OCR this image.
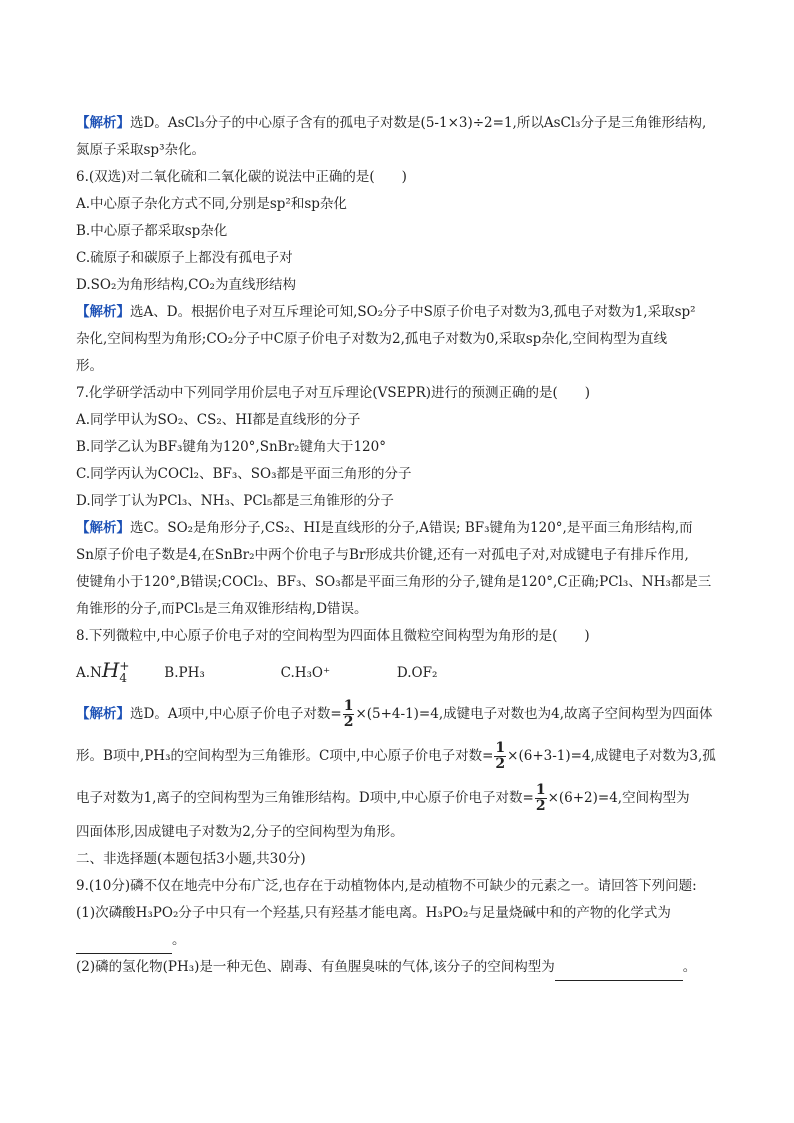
【解析】选D。AsCl₃分子的中心原子含有的孤电子对数是(5-1×3)÷2=1,所以AsCl₃分子是三角锥形结构,
氮原子采取sp³杂化。
6.(双选)对二氧化硫和二氧化碳的说法中正确的是(　　)
A.中心原子杂化方式不同,分别是sp²和sp杂化
B.中心原子都采取sp杂化
C.硫原子和碳原子上都没有孤电子对
D.SO₂为角形结构,CO₂为直线形结构
【解析】选A、D。根据价电子对互斥理论可知,SO₂分子中S原子价电子对数为3,孤电子对数为1,采取sp²
杂化,空间构型为角形;CO₂分子中C原子价电子对数为2,孤电子对数为0,采取sp杂化,空间构型为直线
形。
7.化学研学活动中下列同学用价层电子对互斥理论(VSEPR)进行的预测正确的是(　　)
A.同学甲认为SO₂、CS₂、HI都是直线形的分子
B.同学乙认为BF₃键角为120°,SnBr₂键角大于120°
C.同学丙认为COCl₂、BF₃、SO₃都是平面三角形的分子
D.同学丁认为PCl₃、NH₃、PCl₅都是三角锥形的分子
【解析】选C。SO₂是角形分子,CS₂、HI是直线形的分子,A错误; BF₃键角为120°,是平面三角形结构,而
Sn原子价电子数是4,在SnBr₂中两个价电子与Br形成共价键,还有一对孤电子对,对成键电子有排斥作用,
使键角小于120°,B错误;COCl₂、BF₃、SO₃都是平面三角形的分子,键角是120°,C正确;PCl₃、NH₃都是三
角锥形的分子,而PCl₅是三角双锥形结构,D错误。
8.下列微粒中,中心原子价电子对的空间构型为四面体且微粒空间构型为角形的是(　　)
A.NH +
4	B.PH₃	C.H₃O⁺	D.OF₂
【解析】选D。A项中,中心原子价电子对数= $\frac{1}{2} \times(5+4-1)=4$,成键电子对数也为4,故离子空间构型为四面体
形。B项中,PH₃的空间构型为三角锥形。C项中,中心原子价电子对数= $\frac{1}{2} \times(6+3-1)=4$,成键电子对数为3,孤
电子对数为1,离子的空间构型为三角锥形结构。D项中,中心原子价电子对数= $\frac{1}{2} \times(6+2)=4$,空间构型为
四面体形,因成键电子对数为2,分子的空间构型为角形。
二、非选择题(本题包括3小题,共30分)
9.(10分)磷不仅在地壳中分布广泛,也存在于动植物体内,是动植物不可缺少的元素之一。请回答下列问题:
(1)次磷酸H₃PO₂分子中只有一个羟基,只有羟基才能电离。H₃PO₂与足量烧碱中和的产物的化学式为
。
(2)磷的氢化物(PH₃)是一种无色、剧毒、有鱼腥臭味的气体,该分子的空间构型为	。
